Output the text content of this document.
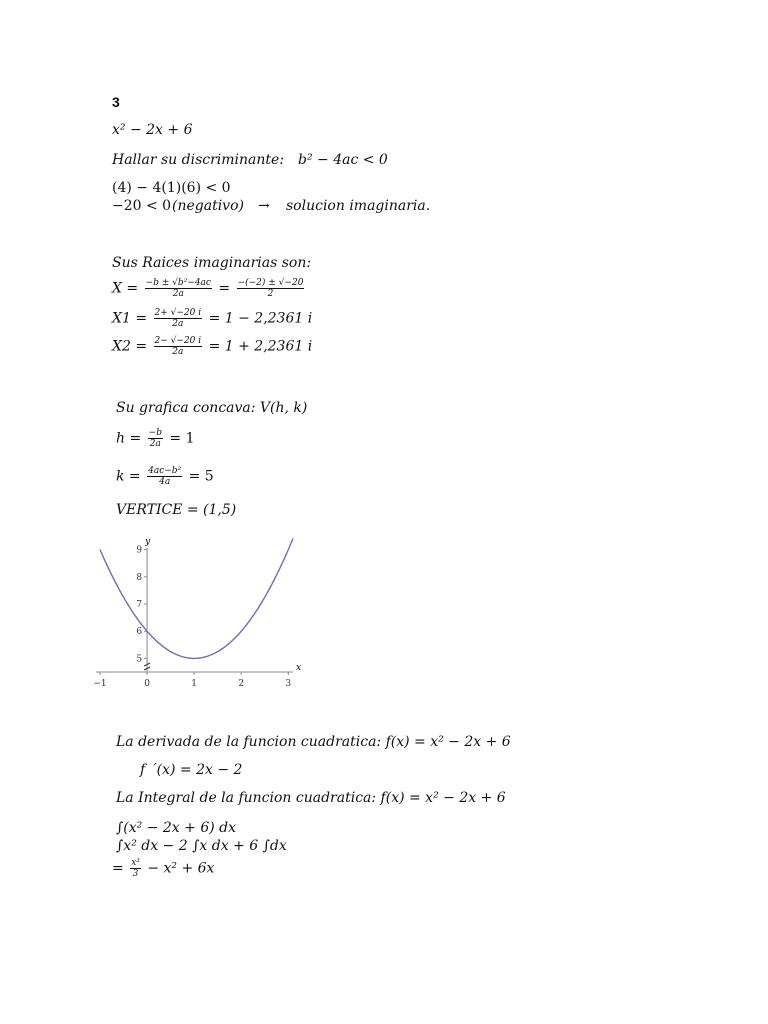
3
x² − 2x + 6
Hallar su discriminante: b² − 4ac < 0
(4) − 4(1)(6) < 0
−20 < 0 (negativo) → solucion imaginaria.
Sus Raices imaginarias son:
$X = \frac{\text{−b ± √b²−4ac}}{2a} = \frac{-(-2) \pm √-20}{2}$
$X1 = \frac{2+ √-20 i}{2a} = 1 - 2,2361$ i
$X2 = \frac{2- √-20 i}{2a} = 1 + 2,2361$ i
Su grafica concava: V(h, k)
$h = \frac{-b}{2a} = 1$
$k = \frac{\text{4ac−b²}}{4a} = 5$
VERTICE = (1,5)
−1	0	1	2	3
5
6
7
8
9
x
y
La derivada de la funcion cuadratica: f(x) = x² − 2x + 6
f ´(x) = 2x − 2
La Integral de la funcion cuadratica: f(x) = x² − 2x + 6
∫(x² − 2x + 6) dx
∫x² dx − 2 ∫x dx + 6 ∫dx
= $\frac{\text{x³}}{3} - x^2 + 6x$
